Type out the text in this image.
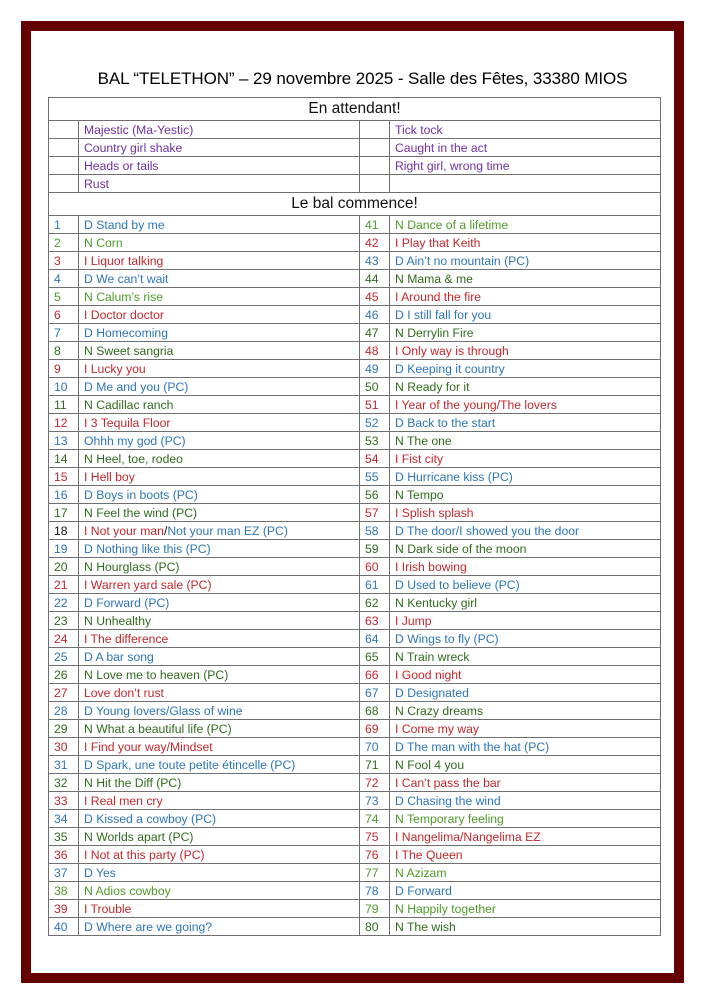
BAL “TELETHON” – 29 novembre 2025 - Salle des Fêtes, 33380 MIOS
En attendant!			
	Majestic (Ma-Yestic)		Tick tock
	Country girl shake		Caught in the act
	Heads or tails		Right girl, wrong time
	Rust		
Le bal commence!			
1	D Stand by me	41	N Dance of a lifetime
2	N Corn	42	I Play that Keith
3	I Liquor talking	43	D Ain’t no mountain (PC)
4	D We can’t wait	44	N Mama & me
5	N Calum’s rise	45	I Around the fire
6	I Doctor doctor	46	D I still fall for you
7	D Homecoming	47	N Derrylin Fire
8	N Sweet sangria	48	I Only way is through
9	I Lucky you	49	D Keeping it country
10	D Me and you (PC)	50	N Ready for it
11	N Cadillac ranch	51	I Year of the young/The lovers
12	I 3 Tequila Floor	52	D Back to the start
13	Ohhh my god (PC)	53	N The one
14	N Heel, toe, rodeo	54	I Fist city
15	I Hell boy	55	D Hurricane kiss (PC)
16	D Boys in boots (PC)	56	N Tempo
17	N Feel the wind (PC)	57	I Splish splash
18	I Not your man/Not your man EZ (PC)	58	D The door/I showed you the door
19	D Nothing like this (PC)	59	N Dark side of the moon
20	N Hourglass (PC)	60	I Irish bowing
21	I Warren yard sale (PC)	61	D Used to believe (PC)
22	D Forward (PC)	62	N Kentucky girl
23	N Unhealthy	63	I Jump
24	I The difference	64	D Wings to fly (PC)
25	D A bar song	65	N Train wreck
26	N Love me to heaven (PC)	66	I Good night
27	Love don’t rust	67	D Designated
28	D Young lovers/Glass of wine	68	N Crazy dreams
29	N What a beautiful life (PC)	69	I Come my way
30	I Find your way/Mindset	70	D The man with the hat (PC)
31	D Spark, une toute petite étincelle (PC)	71	N Fool 4 you
32	N Hit the Diff (PC)	72	I Can’t pass the bar
33	I Real men cry	73	D Chasing the wind
34	D Kissed a cowboy (PC)	74	N Temporary feeling
35	N Worlds apart (PC)	75	I Nangelima/Nangelima EZ
36	I Not at this party (PC)	76	I The Queen
37	D Yes	77	N Azizam
38	N Adios cowboy	78	D Forward
39	I Trouble	79	N Happily together
40	D Where are we going?	80	N The wish
